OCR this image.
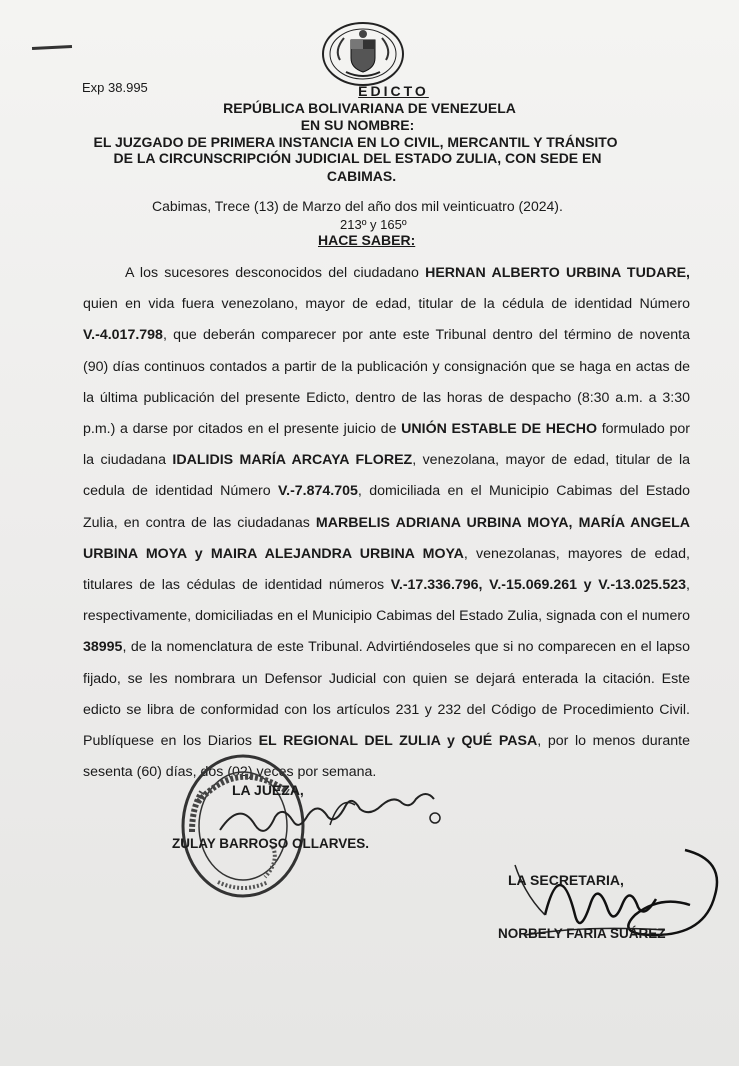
Exp 38.995	EDICTO
REPÚBLICA BOLIVARIANA DE VENEZUELA
EN SU NOMBRE:
EL JUZGADO DE PRIMERA INSTANCIA EN LO CIVIL, MERCANTIL Y TRÁNSITO
DE LA CIRCUNSCRIPCIÓN JUDICIAL DEL ESTADO ZULIA, CON SEDE EN
CABIMAS.
Cabimas, Trece (13) de Marzo del año dos mil veinticuatro (2024).
213º y 165º
HACE SABER:

A los sucesores desconocidos del ciudadano HERNAN ALBERTO URBINA TUDARE, quien en vida fuera venezolano, mayor de edad, titular de la cédula de identidad Número V.-4.017.798, que deberán comparecer por ante este Tribunal dentro del término de noventa (90) días continuos contados a partir de la publicación y consignación que se haga en actas de la última publicación del presente Edicto, dentro de las horas de despacho (8:30 a.m. a 3:30 p.m.) a darse por citados en el presente juicio de UNIÓN ESTABLE DE HECHO formulado por la ciudadana IDALIDIS MARÍA ARCAYA FLOREZ, venezolana, mayor de edad, titular de la cedula de identidad Número V.-7.874.705, domiciliada en el Municipio Cabimas del Estado Zulia, en contra de las ciudadanas MARBELIS ADRIANA URBINA MOYA, MARÍA ANGELA URBINA MOYA y MAIRA ALEJANDRA URBINA MOYA, venezolanas, mayores de edad, titulares de las cédulas de identidad números V.-17.336.796, V.-15.069.261 y V.-13.025.523, respectivamente, domiciliadas en el Municipio Cabimas del Estado Zulia, signada con el numero 38995, de la nomenclatura de este Tribunal. Advirtiéndoseles que si no comparecen en el lapso fijado, se les nombrara un Defensor Judicial con quien se dejará enterada la citación. Este edicto se libra de conformidad con los artículos 231 y 232 del Código de Procedimiento Civil. Publíquese en los Diarios EL REGIONAL DEL ZULIA y QUÉ PASA, por lo menos durante sesenta (60) días, dos (02) veces por semana.

LA JUEZA,
ZULAY BARROSO OLLARVES.
LA SECRETARIA,
NORBELY FARIA SUÁREZ
